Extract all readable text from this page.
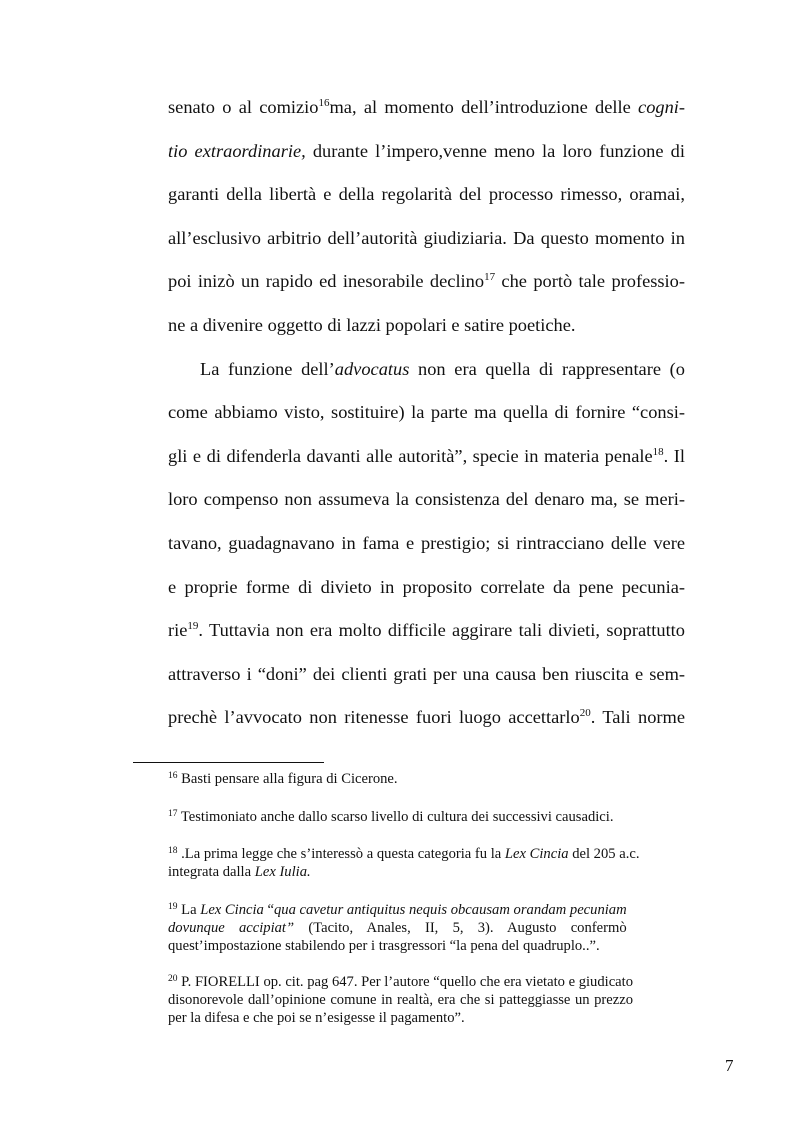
senato o al comizio$^{16}$ma, al momento dell’introduzione delle cogni-
tio extraordinarie, durante l’impero,venne meno la loro funzione di
garanti della libertà e della regolarità del processo rimesso, oramai,
all’esclusivo arbitrio dell’autorità giudiziaria. Da questo momento in
poi inizò un rapido ed inesorabile declino$^{17}$ che portò tale professio-
ne a divenire oggetto di lazzi popolari e satire poetiche.
La funzione dell’advocatus non era quella di rappresentare (o
come abbiamo visto, sostituire) la parte ma quella di fornire “consi-
gli e di difenderla davanti alle autorità”, specie in materia penale$^{18}$. Il
loro compenso non assumeva la consistenza del denaro ma, se meri-
tavano, guadagnavano in fama e prestigio; si rintracciano delle vere
e proprie forme di divieto in proposito correlate da pene pecunia-
rie$^{19}$. Tuttavia non era molto difficile aggirare tali divieti, soprattutto
attraverso i “doni” dei clienti grati per una causa ben riuscita e sem-
prechè l’avvocato non ritenesse fuori luogo accettarlo$^{20}$. Tali norme

$^{16}$ Basti pensare alla figura di Cicerone.

$^{17}$ Testimoniato anche dallo scarso livello di cultura dei successivi causadici.

$^{18}$ .La prima legge che s’interessò a questa categoria fu la Lex Cincia del 205 a.c.
integrata dalla Lex Iulia.

$^{19}$ La Lex Cincia “qua cavetur antiquitus nequis obcausam orandam pecuniam
dovunque accipiat” (Tacito, Anales, II, 5, 3). Augusto confermò
quest’impostazione stabilendo per i trasgressori “la pena del quadruplo..”.

$^{20}$ P. FIORELLI op. cit. pag 647. Per l’autore “quello che era vietato e giudicato
disonorevole dall’opinione comune in realtà, era che si patteggiasse un prezzo
per la difesa e che poi se n’esigesse il pagamento”.

7
